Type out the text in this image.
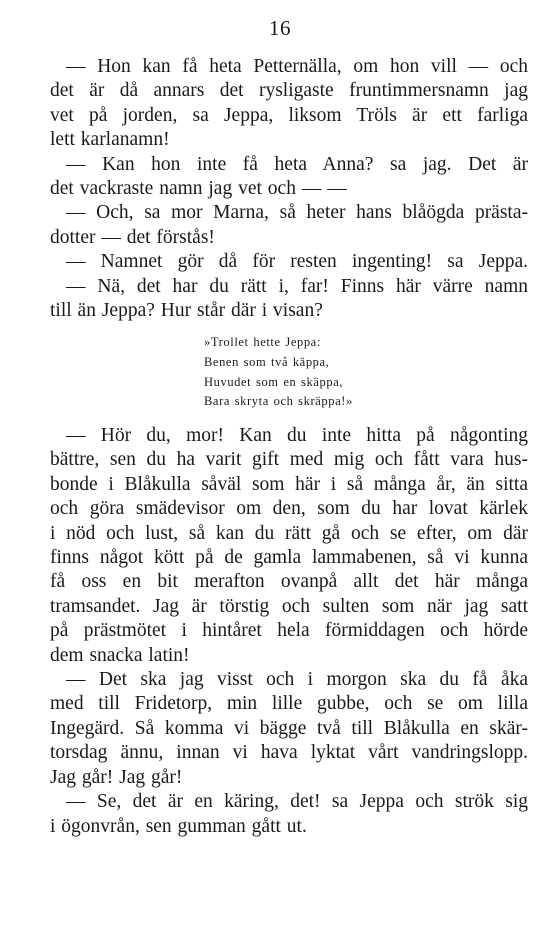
16

— Hon kan få heta Petternälla, om hon vill — och
det är då annars det rysligaste fruntimmersnamn jag
vet på jorden, sa Jeppa, liksom Tröls är ett farliga
lett karlanamn!
— Kan hon inte få heta Anna? sa jag. Det är
det vackraste namn jag vet och — —
— Och, sa mor Marna, så heter hans blåögda prästa-
dotter — det förstås!
— Namnet gör då för resten ingenting! sa Jeppa.
— Nä, det har du rätt i, far! Finns här värre namn
till än Jeppa? Hur står där i visan?

»Trollet hette Jeppa:
Benen som två käppa,
Huvudet som en skäppa,
Bara skryta och skräppa!»

— Hör du, mor! Kan du inte hitta på någonting
bättre, sen du ha varit gift med mig och fått vara hus-
bonde i Blåkulla såväl som här i så många år, än sitta
och göra smädevisor om den, som du har lovat kärlek
i nöd och lust, så kan du rätt gå och se efter, om där
finns något kött på de gamla lammabenen, så vi kunna
få oss en bit merafton ovanpå allt det här många
tramsandet. Jag är törstig och sulten som när jag satt
på prästmötet i hintåret hela förmiddagen och hörde
dem snacka latin!
— Det ska jag visst och i morgon ska du få åka
med till Fridetorp, min lille gubbe, och se om lilla
Ingegärd. Så komma vi bägge två till Blåkulla en skär-
torsdag ännu, innan vi hava lyktat vårt vandringslopp.
Jag går! Jag går!
— Se, det är en käring, det! sa Jeppa och strök sig
i ögonvrån, sen gumman gått ut.
